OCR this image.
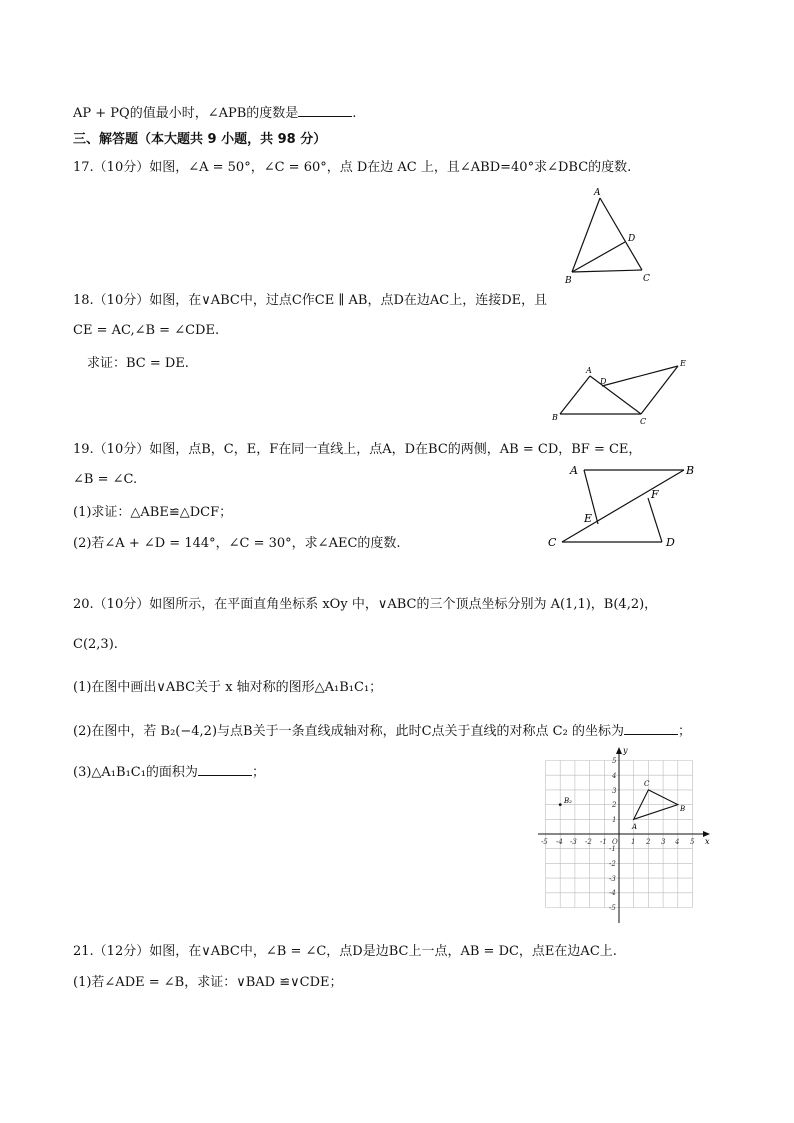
AP + PQ的值最小时，∠APB的度数是	.
三、解答题（本大题共 9 小题，共 98 分）
17.（10分）如图，∠A = 50°，∠C = 60°，点 D在边 AC 上，且∠ABD=40°求∠DBC的度数.
A
B	C
D
18.（10分）如图，在∨ABC中，过点C作CE ∥ AB，点D在边AC上，连接DE，且
CE = AC,∠B = ∠CDE.
求证：BC = DE.	A
B	C
D
E
19.（10分）如图，点B，C，E，F在同一直线上，点A，D在BC的两侧，AB = CD，BF = CE，
∠B = ∠C.
(1)求证：△ABE≌△DCF；
(2)若∠A + ∠D = 144°，∠C = 30°，求∠AEC的度数.
A	B
C	D
E
F
20.（10分）如图所示，在平面直角坐标系 xOy 中，∨ABC的三个顶点坐标分别为 A(1,1)，B(4,2)，
C(2,3).
(1)在图中画出∨ABC关于 x 轴对称的图形△A₁B₁C₁；
(2)在图中，若 B₂(−4,2)与点B关于一条直线成轴对称，此时C点关于直线的对称点 C₂ 的坐标为	；
(3)△A₁B₁C₁的面积为	；
x
y
-5 -4 -3 -2 -1 O 1 2 3 4 5
5
4
3
2
1
-1
-2
-3
-4
-5
A
B
C
B₂
21.（12分）如图，在∨ABC中，∠B = ∠C，点D是边BC上一点，AB = DC，点E在边AC上.
(1)若∠ADE = ∠B，求证：∨BAD ≌∨CDE；
